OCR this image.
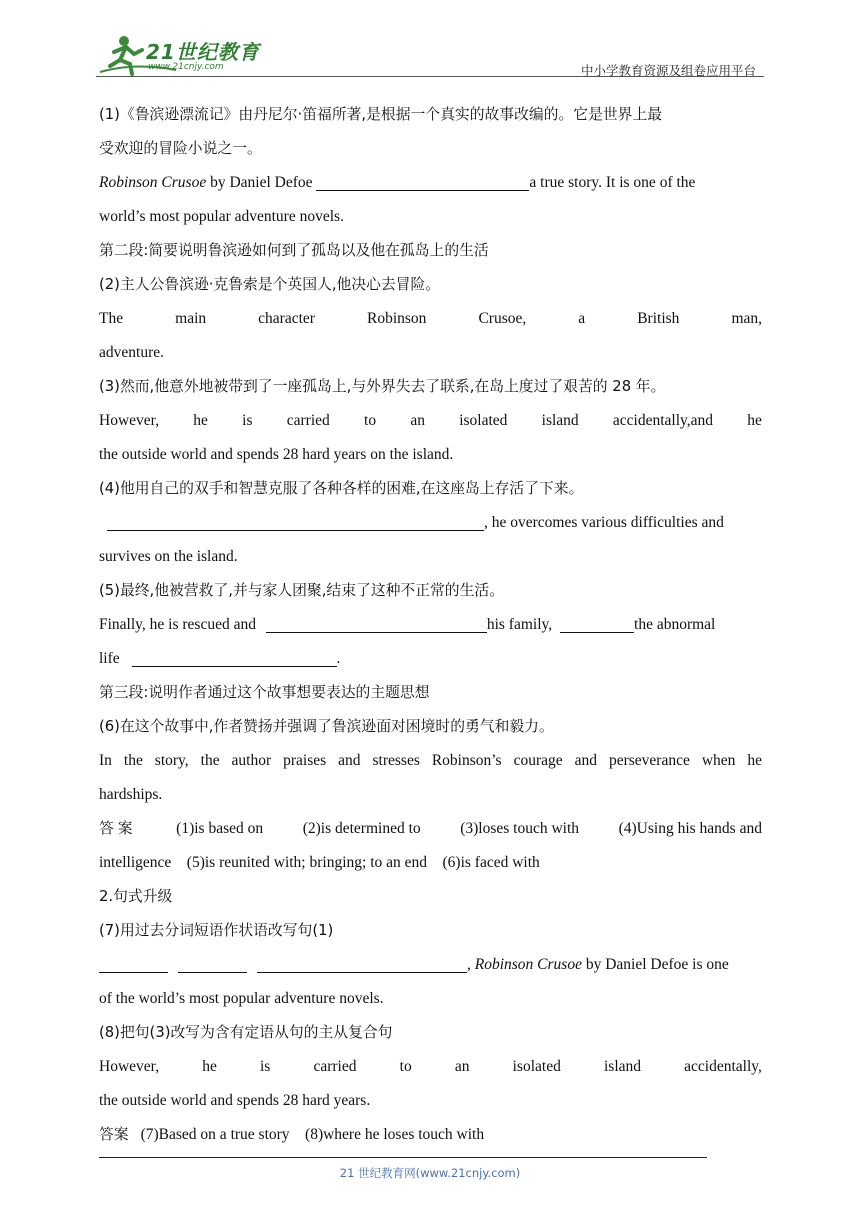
21世纪教育
www.21cnjy.com	中小学教育资源及组卷应用平台
(1)《鲁滨逊漂流记》由丹尼尔·笛福所著,是根据一个真实的故事改编的。它是世界上最
受欢迎的冒险小说之一。
Robinson Crusoe by Daniel Defoe	a true story. It is one of the
world’s most popular adventure novels.
第二段:简要说明鲁滨逊如何到了孤岛以及他在孤岛上的生活
(2)主人公鲁滨逊·克鲁索是个英国人,他决心去冒险。
The	main	character	Robinson	Crusoe,	a	British	man,
adventure.
(3)然而,他意外地被带到了一座孤岛上,与外界失去了联系,在岛上度过了艰苦的 28 年。
However, he is carried to an isolated island accidentally,and he
the outside world and spends 28 hard years on the island.
(4)他用自己的双手和智慧克服了各种各样的困难,在这座岛上存活了下来。
, he overcomes various difficulties and
survives on the island.
(5)最终,他被营救了,并与家人团聚,结束了这种不正常的生活。
Finally, he is rescued and	his family,	the abnormal
life	.
第三段:说明作者通过这个故事想要表达的主题思想
(6)在这个故事中,作者赞扬并强调了鲁滨逊面对困境时的勇气和毅力。
In the story, the author praises and stresses Robinson’s courage and perseverance when he
hardships.
答案	(1)is based on	(2)is determined to	(3)loses touch with	(4)Using his hands and
intelligence    (5)is reunited with; bringing; to an end    (6)is faced with
2.句式升级
(7)用过去分词短语作状语改写句(1)
, Robinson Crusoe by Daniel Defoe is one
of the world’s most popular adventure novels.
(8)把句(3)改写为含有定语从句的主从复合句
However,	he	is	carried	to	an	isolated	island	accidentally,
the outside world and spends 28 hard years.
答案 (7)Based on a true story    (8)where he loses touch with
21 世纪教育网(www.21cnjy.com)
